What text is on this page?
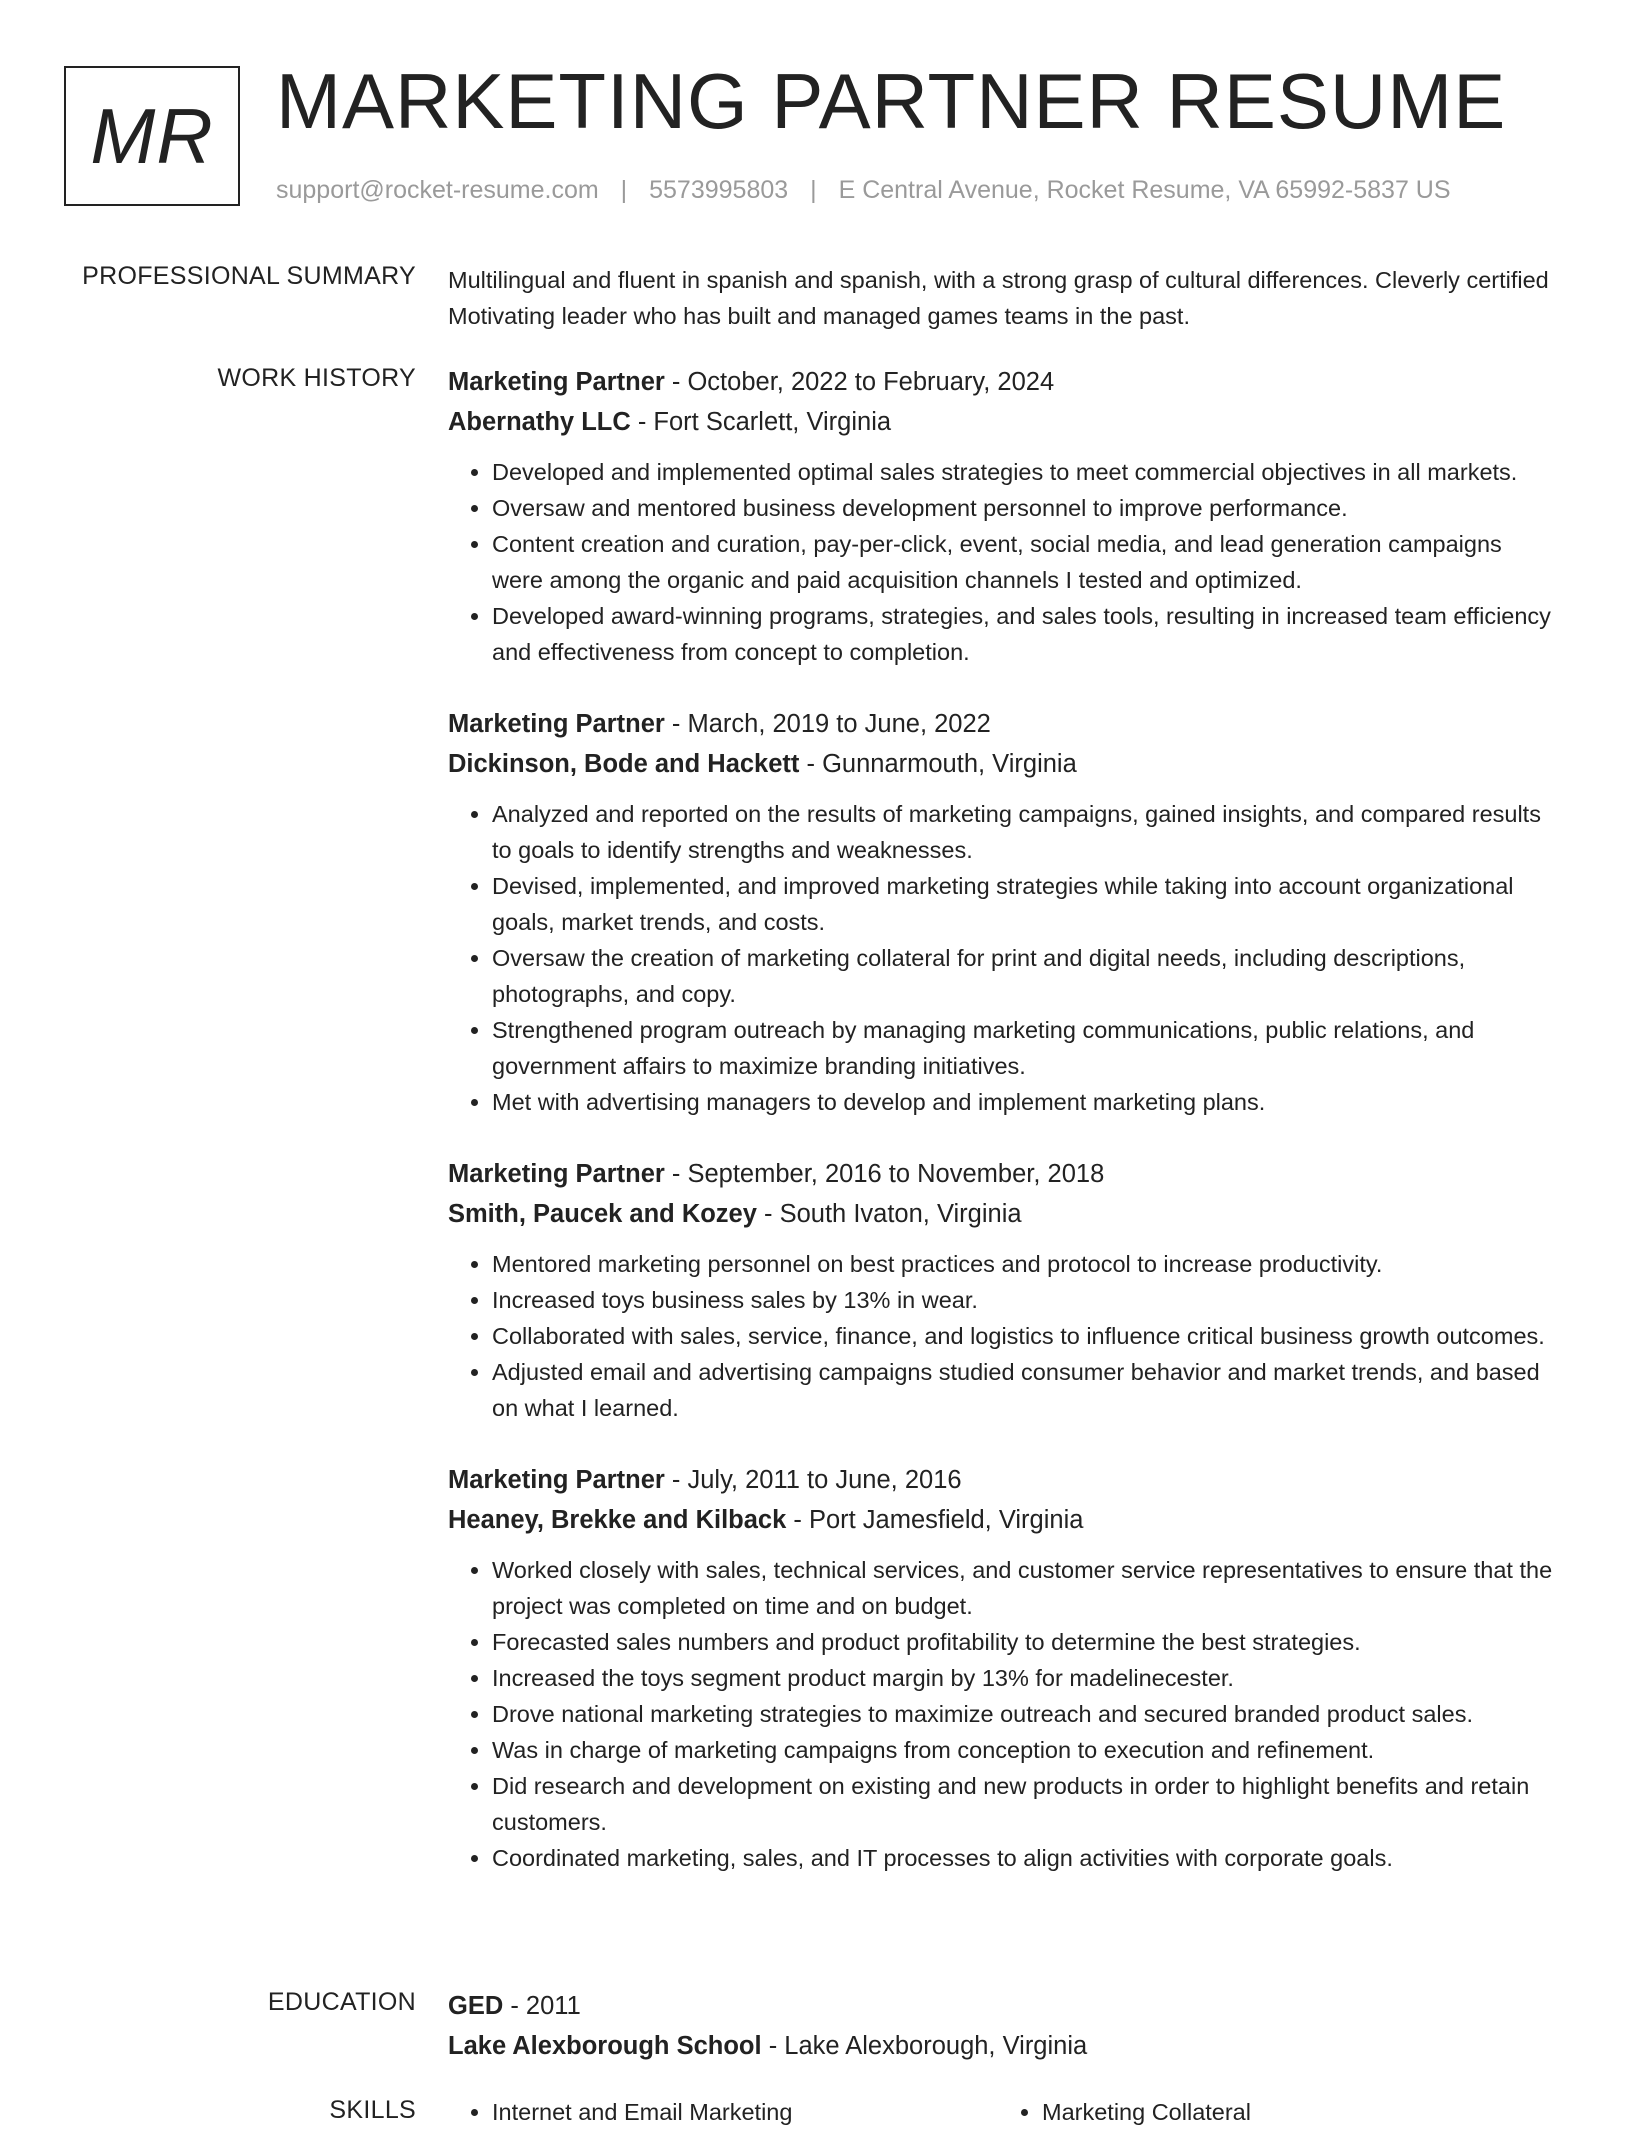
MR MARKETING PARTNER RESUME
support@rocket-resume.com | 5573995803 | E Central Avenue, Rocket Resume, VA 65992-5837 US
PROFESSIONAL SUMMARY Multilingual and fluent in spanish and spanish, with a strong grasp of cultural differences. Cleverly certified Motivating leader who has built and managed games teams in the past.

WORK HISTORY Marketing Partner - October, 2022 to February, 2024

Abernathy LLC - Fort Scarlett, Virginia

• Developed and implemented optimal sales strategies to meet commercial objectives in all markets.
• Oversaw and mentored business development personnel to improve performance.
• Content creation and curation, pay-per-click, event, social media, and lead generation campaigns were among the organic and paid acquisition channels I tested and optimized.
• Developed award-winning programs, strategies, and sales tools, resulting in increased team efficiency and effectiveness from concept to completion.

Marketing Partner - March, 2019 to June, 2022

Dickinson, Bode and Hackett - Gunnarmouth, Virginia

• Analyzed and reported on the results of marketing campaigns, gained insights, and compared results to goals to identify strengths and weaknesses.
• Devised, implemented, and improved marketing strategies while taking into account organizational goals, market trends, and costs.
• Oversaw the creation of marketing collateral for print and digital needs, including descriptions, photographs, and copy.
• Strengthened program outreach by managing marketing communications, public relations, and government affairs to maximize branding initiatives.
• Met with advertising managers to develop and implement marketing plans.

Marketing Partner - September, 2016 to November, 2018

Smith, Paucek and Kozey - South Ivaton, Virginia

• Mentored marketing personnel on best practices and protocol to increase productivity.
• Increased toys business sales by 13% in wear.
• Collaborated with sales, service, finance, and logistics to influence critical business growth outcomes.
• Adjusted email and advertising campaigns studied consumer behavior and market trends, and based on what I learned.

Marketing Partner - July, 2011 to June, 2016

Heaney, Brekke and Kilback - Port Jamesfield, Virginia

• Worked closely with sales, technical services, and customer service representatives to ensure that the project was completed on time and on budget.
• Forecasted sales numbers and product profitability to determine the best strategies.
• Increased the toys segment product margin by 13% for madelinecester.
• Drove national marketing strategies to maximize outreach and secured branded product sales.
• Was in charge of marketing campaigns from conception to execution and refinement.
• Did research and development on existing and new products in order to highlight benefits and retain customers.
• Coordinated marketing, sales, and IT processes to align activities with corporate goals.
EDUCATION GED - 2011

Lake Alexborough School - Lake Alexborough, Virginia

SKILLS	• Internet and Email Marketing	• Marketing Collateral
